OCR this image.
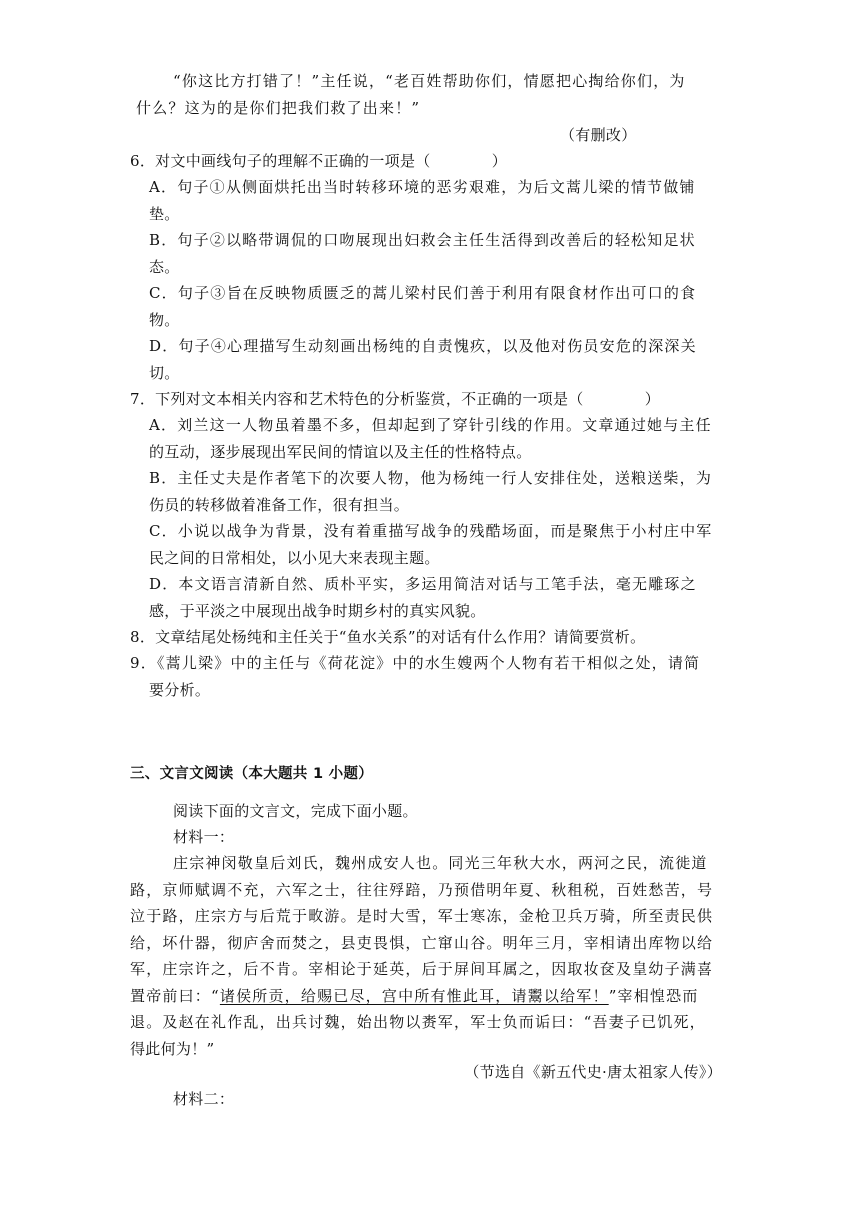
“你这比方打错了！”主任说，“老百姓帮助你们，情愿把心掏给你们，为
什么？这为的是你们把我们救了出来！”
（有删改）
6．对文中画线句子的理解不正确的一项是（　　　　）
A．句子①从侧面烘托出当时转移环境的恶劣艰难，为后文蒿儿梁的情节做铺
垫。
B．句子②以略带调侃的口吻展现出妇救会主任生活得到改善后的轻松知足状
态。
C．句子③旨在反映物质匮乏的蒿儿梁村民们善于利用有限食材作出可口的食
物。
D．句子④心理描写生动刻画出杨纯的自责愧疚，以及他对伤员安危的深深关
切。
7．下列对文本相关内容和艺术特色的分析鉴赏，不正确的一项是（　　　　）
A．刘兰这一人物虽着墨不多，但却起到了穿针引线的作用。文章通过她与主任
的互动，逐步展现出军民间的情谊以及主任的性格特点。
B．主任丈夫是作者笔下的次要人物，他为杨纯一行人安排住处，送粮送柴，为
伤员的转移做着准备工作，很有担当。
C．小说以战争为背景，没有着重描写战争的残酷场面，而是聚焦于小村庄中军
民之间的日常相处，以小见大来表现主题。
D．本文语言清新自然、质朴平实，多运用简洁对话与工笔手法，毫无雕琢之
感，于平淡之中展现出战争时期乡村的真实风貌。
8．文章结尾处杨纯和主任关于“鱼水关系”的对话有什么作用？请简要赏析。
9．《蒿儿梁》中的主任与《荷花淀》中的水生嫂两个人物有若干相似之处，请简
要分析。
三、文言文阅读（本大题共 1 小题）
阅读下面的文言文，完成下面小题。
材料一：
庄宗神闵敬皇后刘氏，魏州成安人也。同光三年秋大水，两河之民，流徙道
路，京师赋调不充，六军之士，往往殍踣，乃预借明年夏、秋租税，百姓愁苦，号
泣于路，庄宗方与后荒于畋游。是时大雪，军士寒冻，金枪卫兵万骑，所至责民供
给，坏什器，彻庐舍而焚之，县吏畏惧，亡窜山谷。明年三月，宰相请出库物以给
军，庄宗许之，后不肯。宰相论于延英，后于屏间耳属之，因取妆奁及皇幼子满喜
置帝前曰：“诸侯所贡，给赐已尽，宫中所有惟此耳，请鬻以给军！”宰相惶恐而
退。及赵在礼作乱，出兵讨魏，始出物以赉军，军士负而诟曰：“吾妻子已饥死，
得此何为！”
（节选自《新五代史·唐太祖家人传》）
材料二：
